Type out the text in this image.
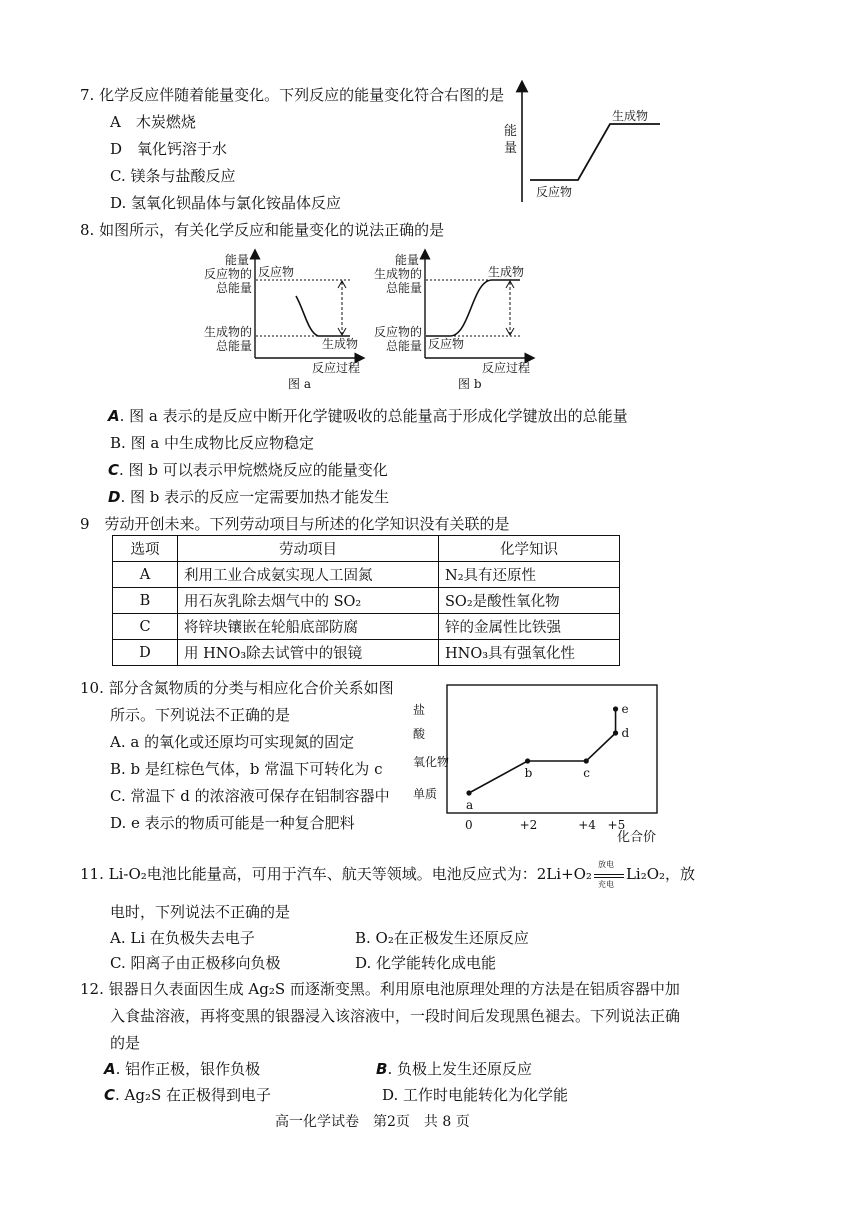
7. 化学反应伴随着能量变化。下列反应的能量变化符合右图的是
A　木炭燃烧
D　氧化钙溶于水
C. 镁条与盐酸反应
D. 氢氧化钡晶体与氯化铵晶体反应
能
量
生成物
反应物
8. 如图所示，有关化学反应和能量变化的说法正确的是
能量
反应物的
总能量
反应物
生成物的
总能量	生成物
反应过程
图 a
能量
生成物的
总能量
生成物
反应物的
总能量 反应物
反应过程
图 b
A. 图 a 表示的是反应中断开化学键吸收的总能量高于形成化学键放出的总能量
B. 图 a 中生成物比反应物稳定
C. 图 b 可以表示甲烷燃烧反应的能量变化
D. 图 b 表示的反应一定需要加热才能发生
9　劳动开创未来。下列劳动项目与所述的化学知识没有关联的是
选项	劳动项目	化学知识
A	利用工业合成氨实现人工固氮	N₂具有还原性
B	用石灰乳除去烟气中的 SO₂	SO₂是酸性氧化物
C	将锌块镶嵌在轮船底部防腐	锌的金属性比铁强
D	用 HNO₃除去试管中的银镜	HNO₃具有强氧化性
10. 部分含氮物质的分类与相应化合价关系如图
所示。下列说法不正确的是
A. a 的氧化或还原均可实现氮的固定
B. b 是红棕色气体，b 常温下可转化为 c
C. 常温下 d 的浓溶液可保存在铝制容器中
D. e 表示的物质可能是一种复合肥料
化合价
单质
氧化物
酸
盐
0	+2	+4 +5
a
b	c
d
e
11. Li-O₂电池比能量高，可用于汽车、航天等领域。电池反应式为：2Li+O₂
放电
充电
Li₂O₂，放
电时，下列说法不正确的是
A. Li 在负极失去电子	B. O₂在正极发生还原反应
C. 阳离子由正极移向负极	D. 化学能转化成电能
12. 银器日久表面因生成 Ag₂S 而逐渐变黑。利用原电池原理处理的方法是在铝质容器中加
入食盐溶液，再将变黑的银器浸入该溶液中，一段时间后发现黑色褪去。下列说法正确
的是
A. 铝作正极，银作负极	B. 负极上发生还原反应
C. Ag₂S 在正极得到电子	D. 工作时电能转化为化学能
高一化学试卷　第2页　共 8 页
